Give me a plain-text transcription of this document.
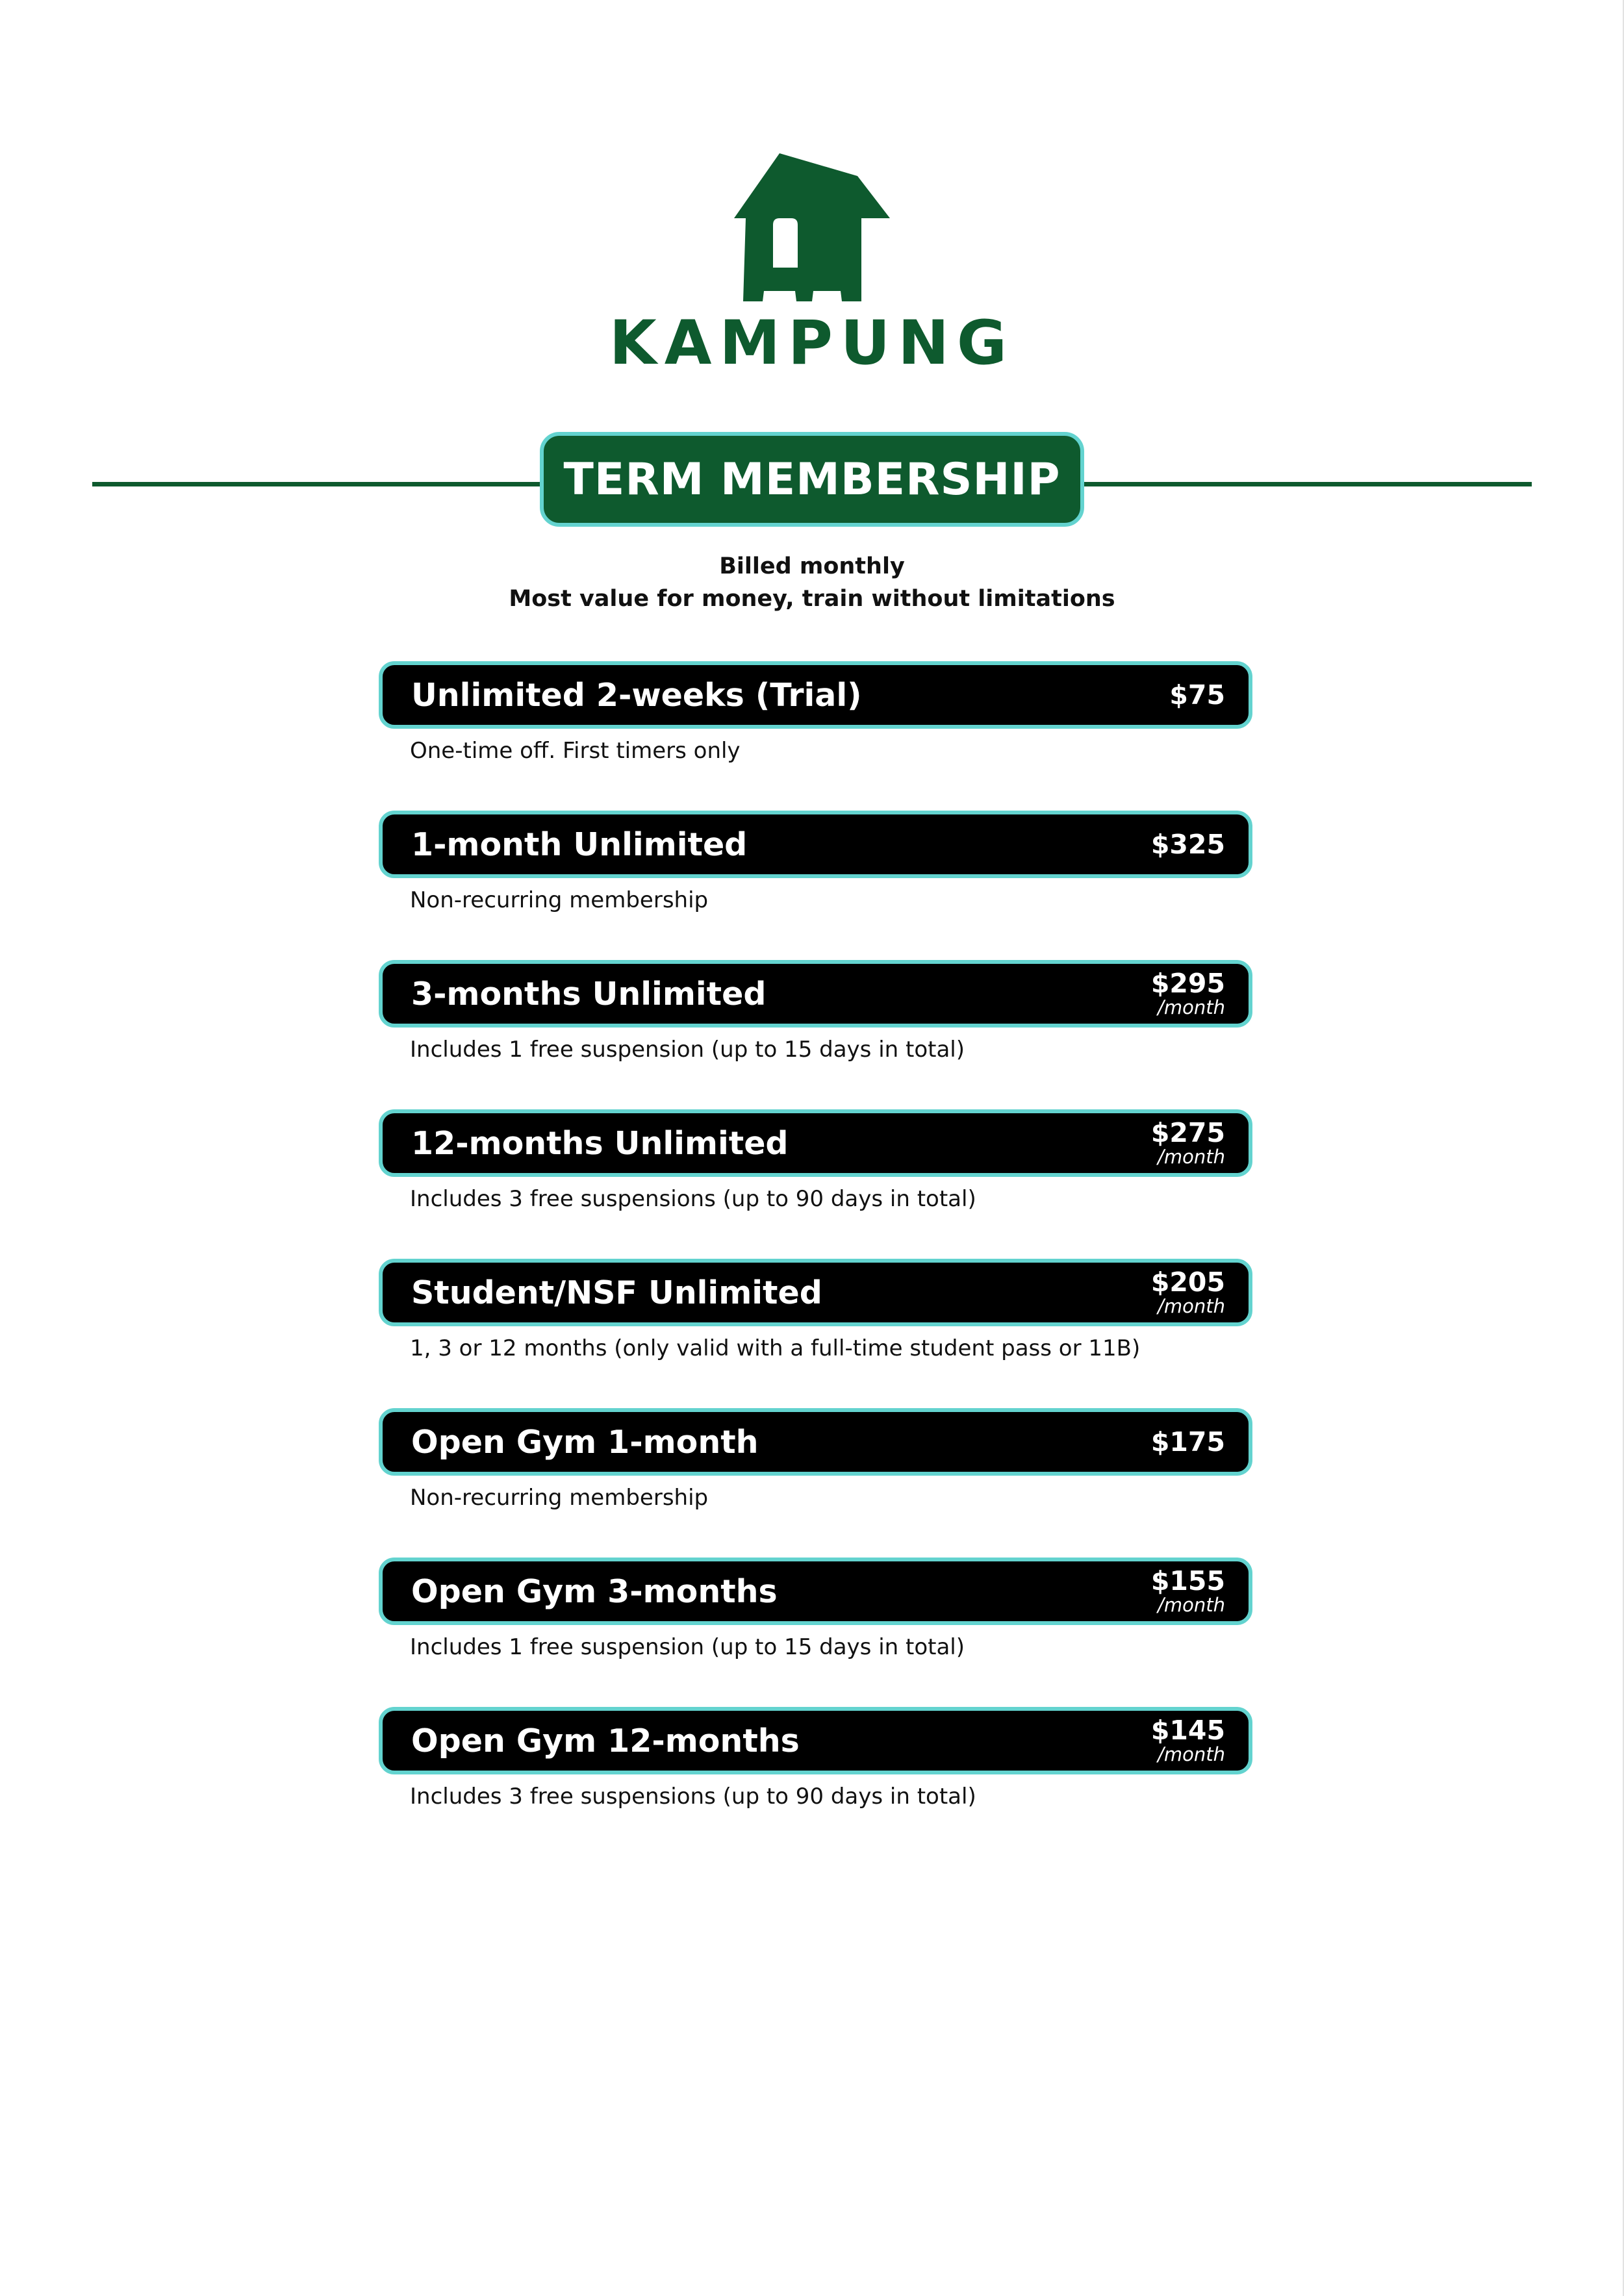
KAMPUNG
TERM MEMBERSHIP
Billed monthly
Most value for money, train without limitations
Unlimited 2-weeks (Trial)	$75
One-time off. First timers only
1-month Unlimited	$325
Non-recurring membership
3-months Unlimited	$295
/month
Includes 1 free suspension (up to 15 days in total)
12-months Unlimited	$275
/month
Includes 3 free suspensions (up to 90 days in total)
Student/NSF Unlimited	$205
/month
1, 3 or 12 months (only valid with a full-time student pass or 11B)
Open Gym 1-month	$175
Non-recurring membership
Open Gym 3-months	$155
/month
Includes 1 free suspension (up to 15 days in total)
Open Gym 12-months	$145
/month
Includes 3 free suspensions (up to 90 days in total)
